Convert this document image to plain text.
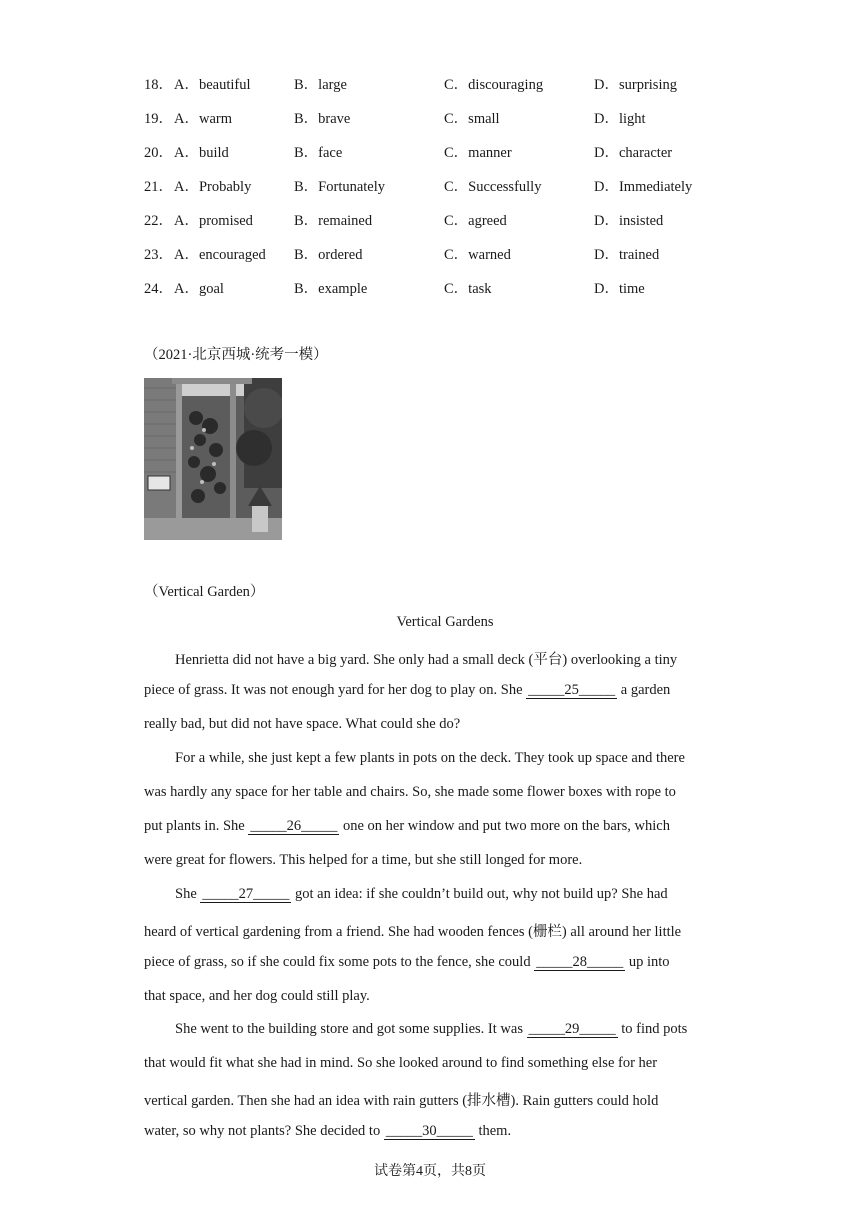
18． A．beautiful	B．large	C．discouraging	D．surprising
19． A．warm	B．brave	C．small	D．light
20． A．build	B．face	C．manner	D．character
21． A．Probably	B．Fortunately	C．Successfully	D．Immediately
22． A．promised	B．remained	C．agreed	D．insisted
23． A．encouraged B．ordered	C．warned	D．trained
24． A．goal	B．example	C．task	D．time
（2021·北京西城·统考一模）
（Vertical Garden）
Vertical Gardens
Henrietta did not have a big yard. She only had a small deck (平台) overlooking a tiny
piece of grass. It was not enough yard for her dog to play on. She _____25_____ a garden
really bad, but did not have space. What could she do?
For a while, she just kept a few plants in pots on the deck. They took up space and there
was hardly any space for her table and chairs. So, she made some flower boxes with rope to
put plants in. She _____26_____ one on her window and put two more on the bars, which
were great for flowers. This helped for a time, but she still longed for more.
She _____27_____ got an idea: if she couldn’t build out, why not build up? She had
heard of vertical gardening from a friend. She had wooden fences (栅栏) all around her little
piece of grass, so if she could fix some pots to the fence, she could _____28_____ up into
that space, and her dog could still play.
She went to the building store and got some supplies. It was _____29_____ to find pots
that would fit what she had in mind. So she looked around to find something else for her
vertical garden. Then she had an idea with rain gutters (排水槽). Rain gutters could hold
water, so why not plants? She decided to _____30_____ them.
试卷第4页，共8页
